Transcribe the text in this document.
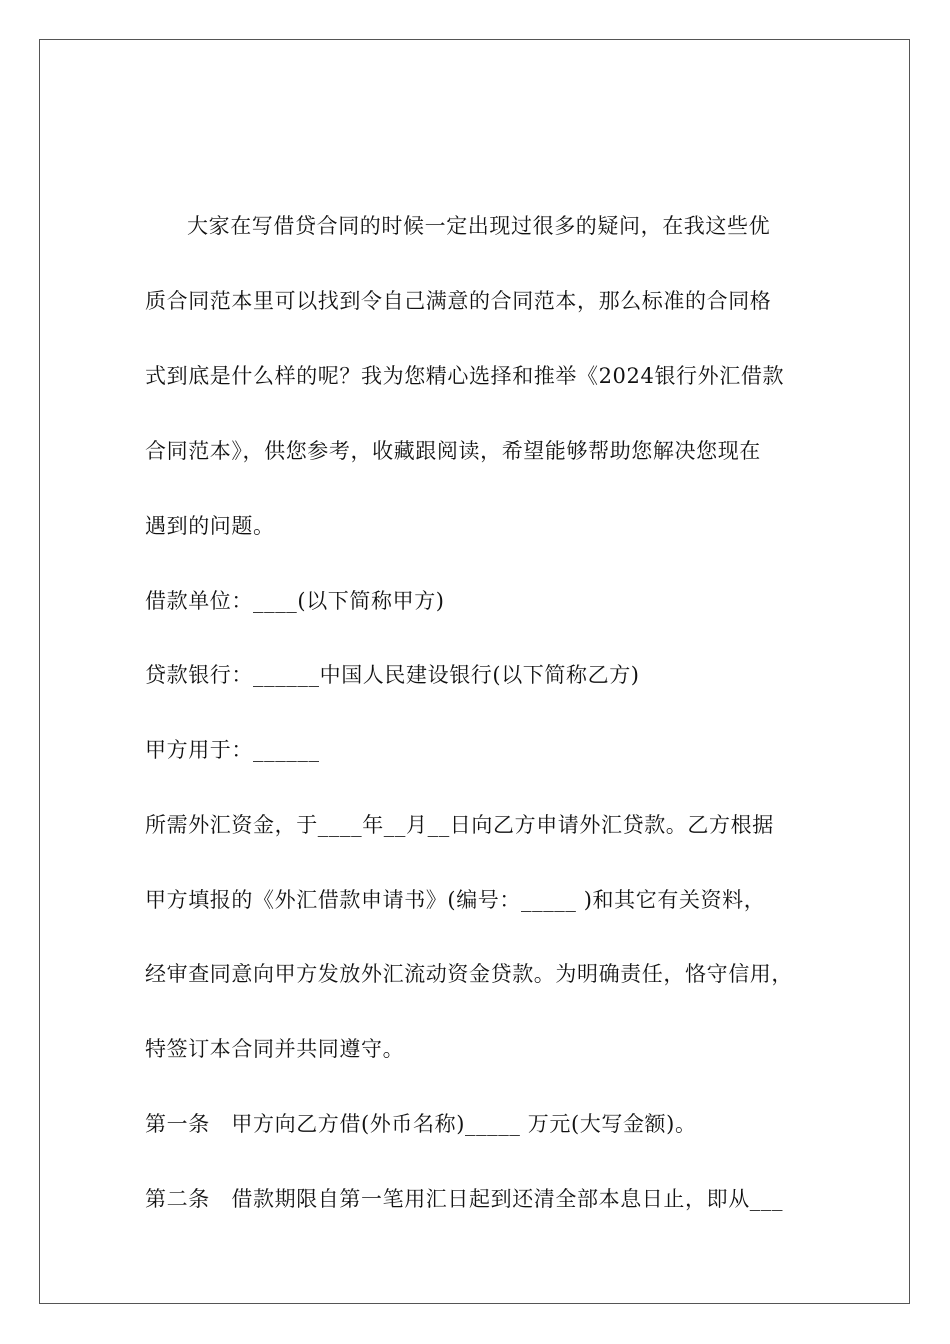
大家在写借贷合同的时候一定出现过很多的疑问，在我这些优
质合同范本里可以找到令自己满意的合同范本，那么标准的合同格
式到底是什么样的呢？我为您精心选择和推举《2024银行外汇借款
合同范本》，供您参考，收藏跟阅读，希望能够帮助您解决您现在
遇到的问题。
借款单位：____(以下简称甲方)
贷款银行：______中国人民建设银行(以下简称乙方)
甲方用于：______
所需外汇资金，于____年__月__日向乙方申请外汇贷款。乙方根据
甲方填报的《外汇借款申请书》(编号：_____ )和其它有关资料，
经审查同意向甲方发放外汇流动资金贷款。为明确责任，恪守信用，
特签订本合同并共同遵守。
第一条　甲方向乙方借(外币名称)_____ 万元(大写金额)。
第二条　借款期限自第一笔用汇日起到还清全部本息日止，即从___
